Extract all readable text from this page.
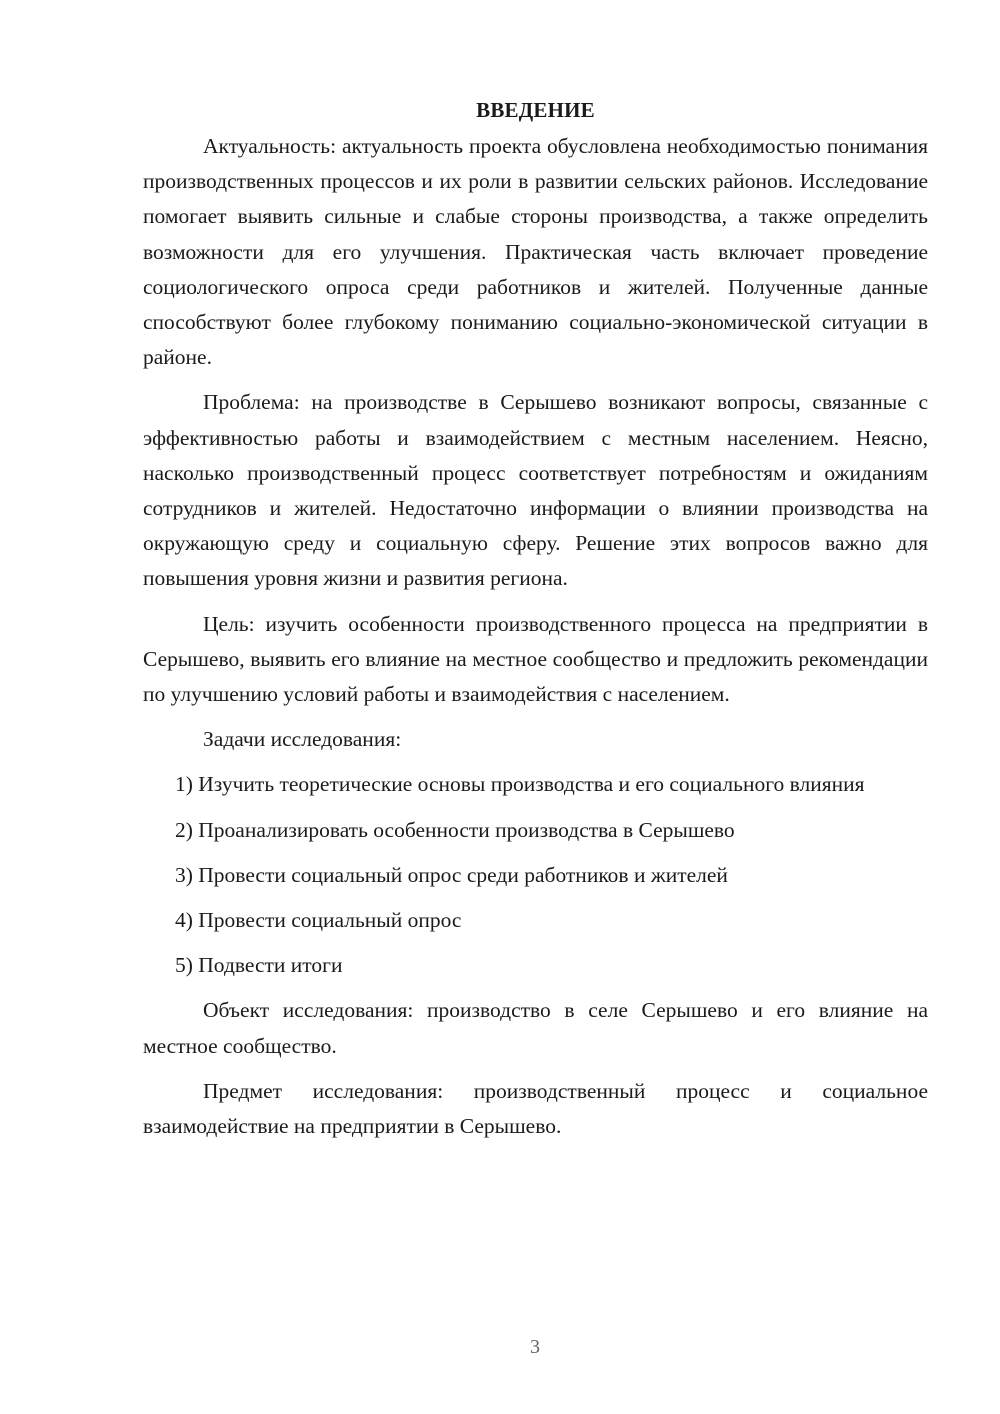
ВВЕДЕНИЕ

Актуальность: актуальность проекта обусловлена необходимостью понимания производственных процессов и их роли в развитии сельских районов. Исследование помогает выявить сильные и слабые стороны производства, а также определить возможности для его улучшения. Практическая часть включает проведение социологического опроса среди работников и жителей. Полученные данные способствуют более глубокому пониманию социально-экономической ситуации в районе.

Проблема: на производстве в Серышево возникают вопросы, связанные с эффективностью работы и взаимодействием с местным населением. Неясно, насколько производственный процесс соответствует потребностям и ожиданиям сотрудников и жителей. Недостаточно информации о влиянии производства на окружающую среду и социальную сферу. Решение этих вопросов важно для повышения уровня жизни и развития региона.

Цель: изучить особенности производственного процесса на предприятии в Серышево, выявить его влияние на местное сообщество и предложить рекомендации по улучшению условий работы и взаимодействия с населением.

Задачи исследования:

1) Изучить теоретические основы производства и его социального влияния

2) Проанализировать особенности производства в Серышево

3) Провести социальный опрос среди работников и жителей

4) Провести социальный опрос

5) Подвести итоги

Объект исследования: производство в селе Серышево и его влияние на местное сообщество.

Предмет исследования: производственный процесс и социальное взаимодействие на предприятии в Серышево.

3
